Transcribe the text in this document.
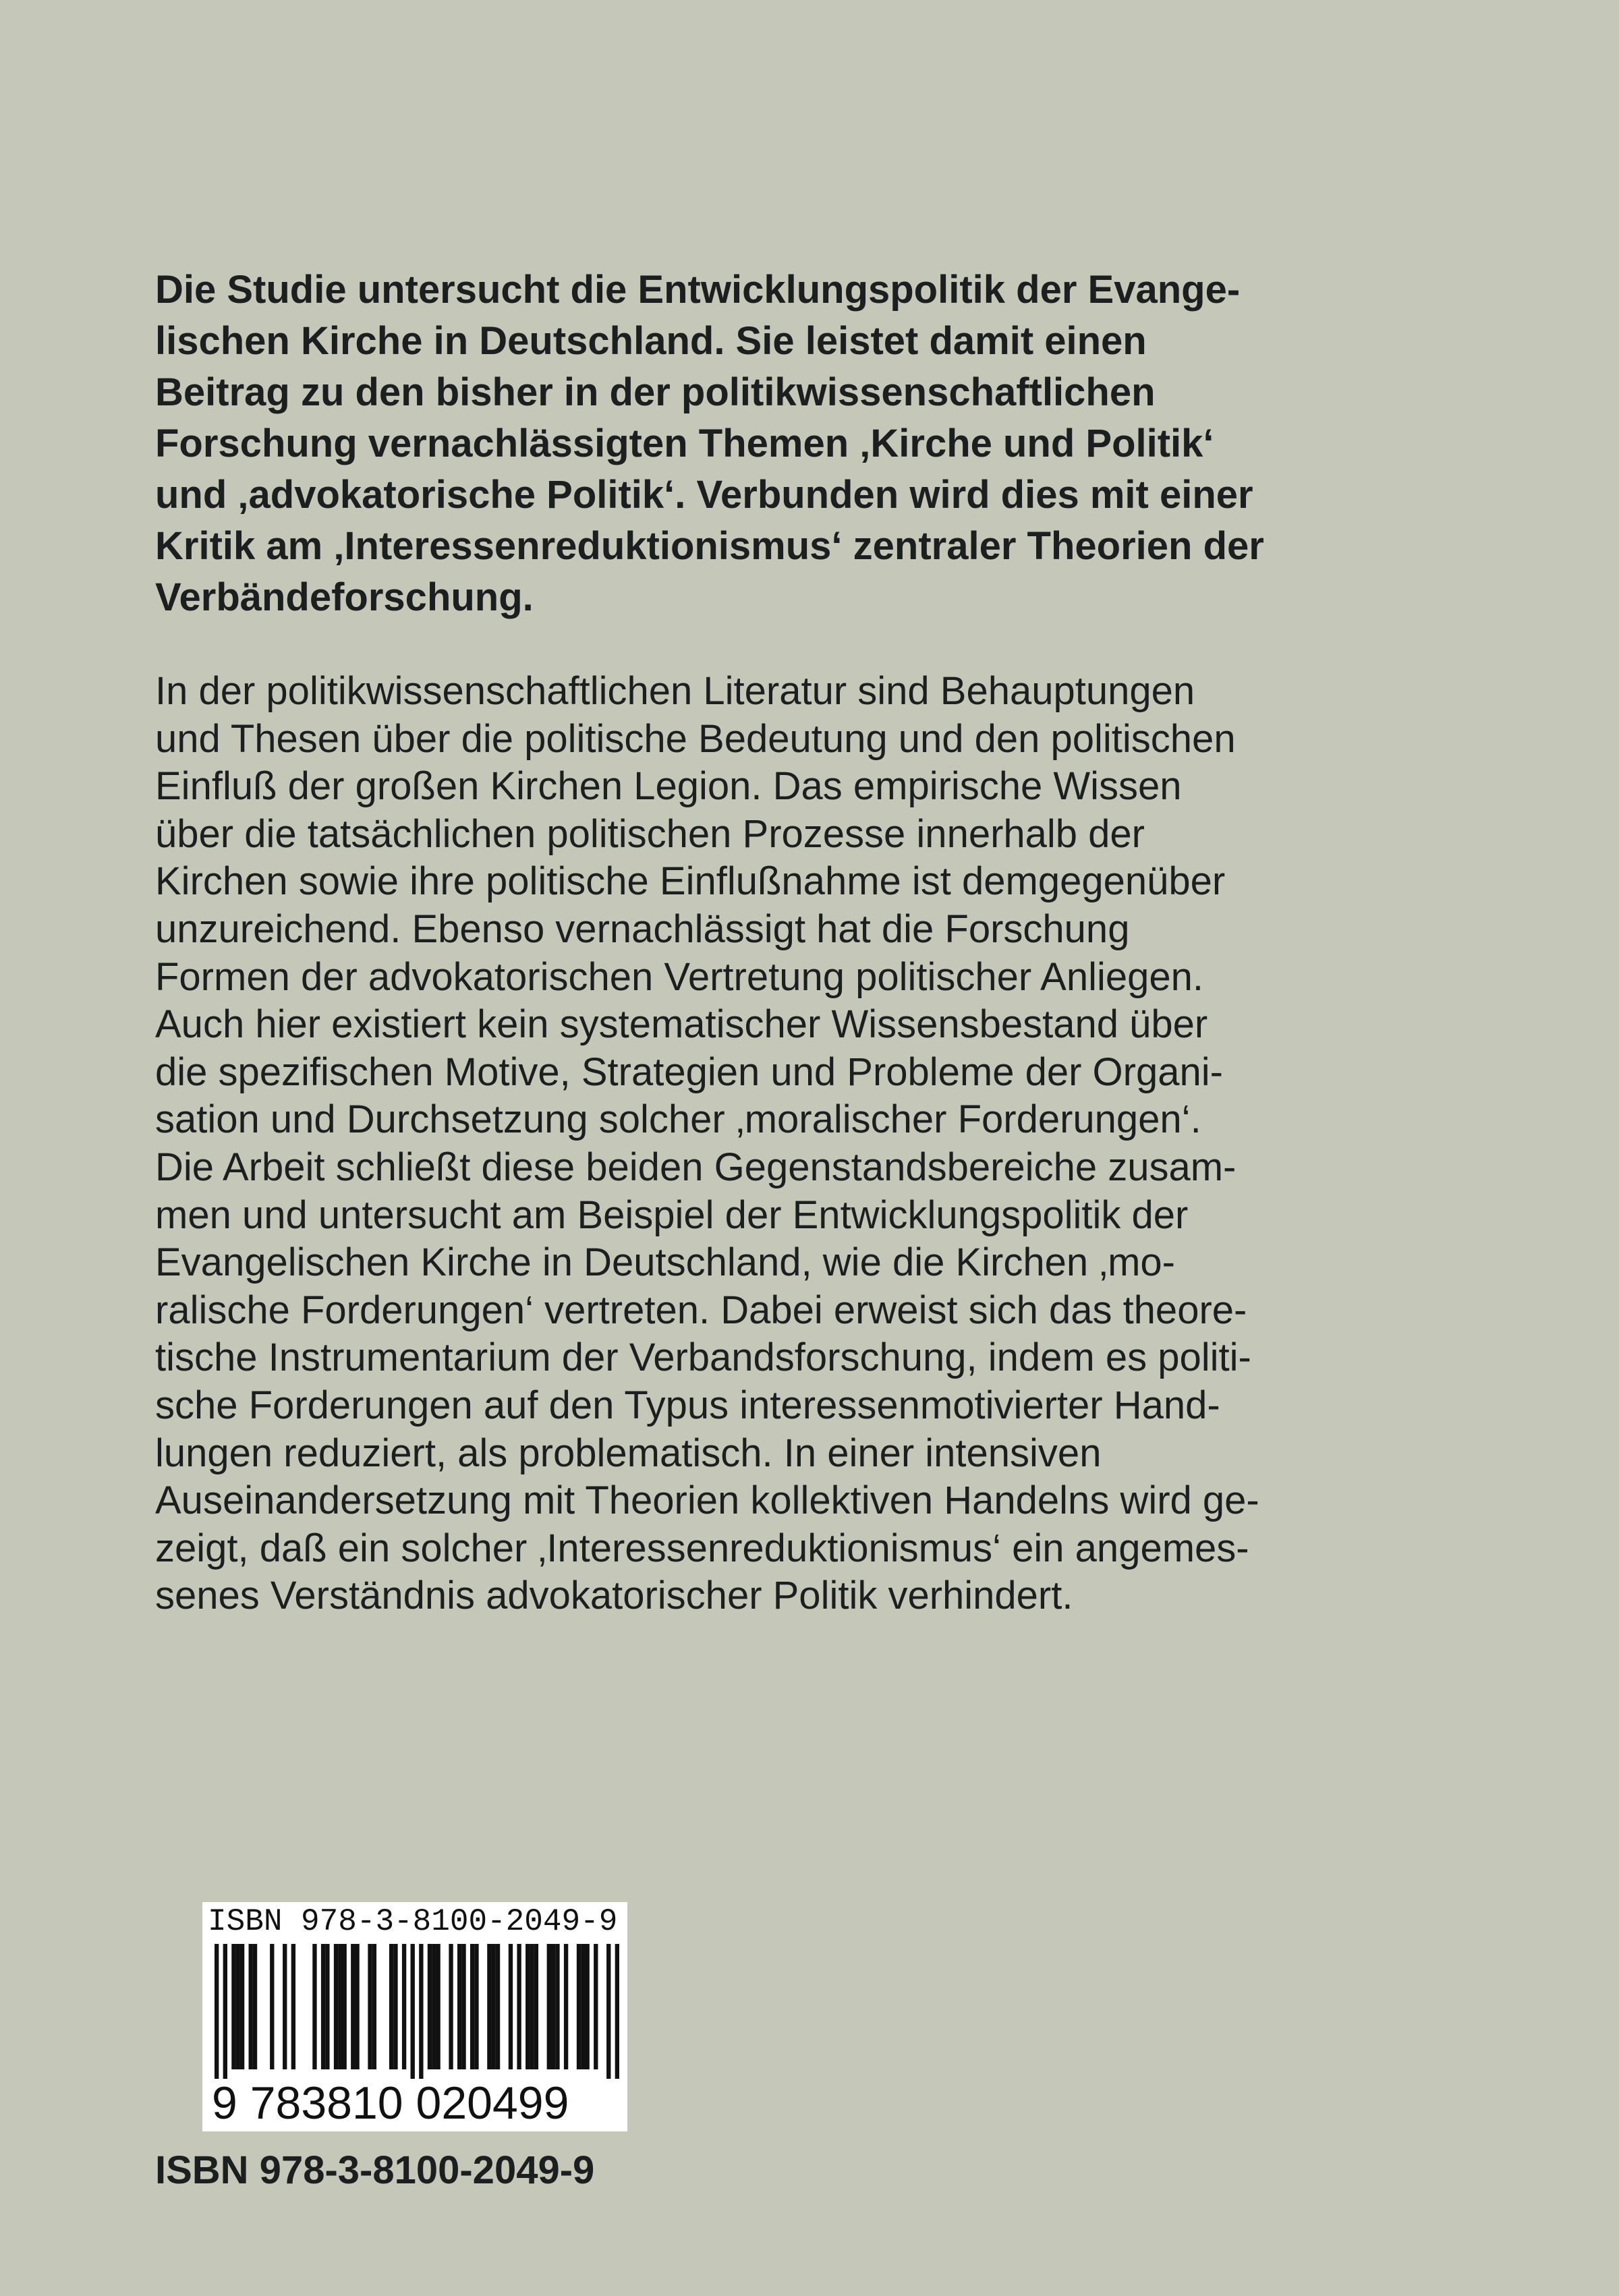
Die Studie untersucht die Entwicklungspolitik der Evange-
lischen Kirche in Deutschland. Sie leistet damit einen
Beitrag zu den bisher in der politikwissenschaftlichen
Forschung vernachlässigten Themen ‚Kirche und Politik‘
und ‚advokatorische Politik‘. Verbunden wird dies mit einer
Kritik am ‚Interessenreduktionismus‘ zentraler Theorien der
Verbändeforschung.
In der politikwissenschaftlichen Literatur sind Behauptungen
und Thesen über die politische Bedeutung und den politischen
Einfluß der großen Kirchen Legion. Das empirische Wissen
über die tatsächlichen politischen Prozesse innerhalb der
Kirchen sowie ihre politische Einflußnahme ist demgegenüber
unzureichend. Ebenso vernachlässigt hat die Forschung
Formen der advokatorischen Vertretung politischer Anliegen.
Auch hier existiert kein systematischer Wissensbestand über
die spezifischen Motive, Strategien und Probleme der Organi-
sation und Durchsetzung solcher ‚moralischer Forderungen‘.
Die Arbeit schließt diese beiden Gegenstandsbereiche zusam-
men und untersucht am Beispiel der Entwicklungspolitik der
Evangelischen Kirche in Deutschland, wie die Kirchen ‚mo-
ralische Forderungen‘ vertreten. Dabei erweist sich das theore-
tische Instrumentarium der Verbandsforschung, indem es politi-
sche Forderungen auf den Typus interessenmotivierter Hand-
lungen reduziert, als problematisch. In einer intensiven
Auseinandersetzung mit Theorien kollektiven Handelns wird ge-
zeigt, daß ein solcher ‚Interessenreduktionismus‘ ein angemes-
senes Verständnis advokatorischer Politik verhindert.
ISBN 978-3-8100-2049-9
9 783810 020499
ISBN 978-3-8100-2049-9
